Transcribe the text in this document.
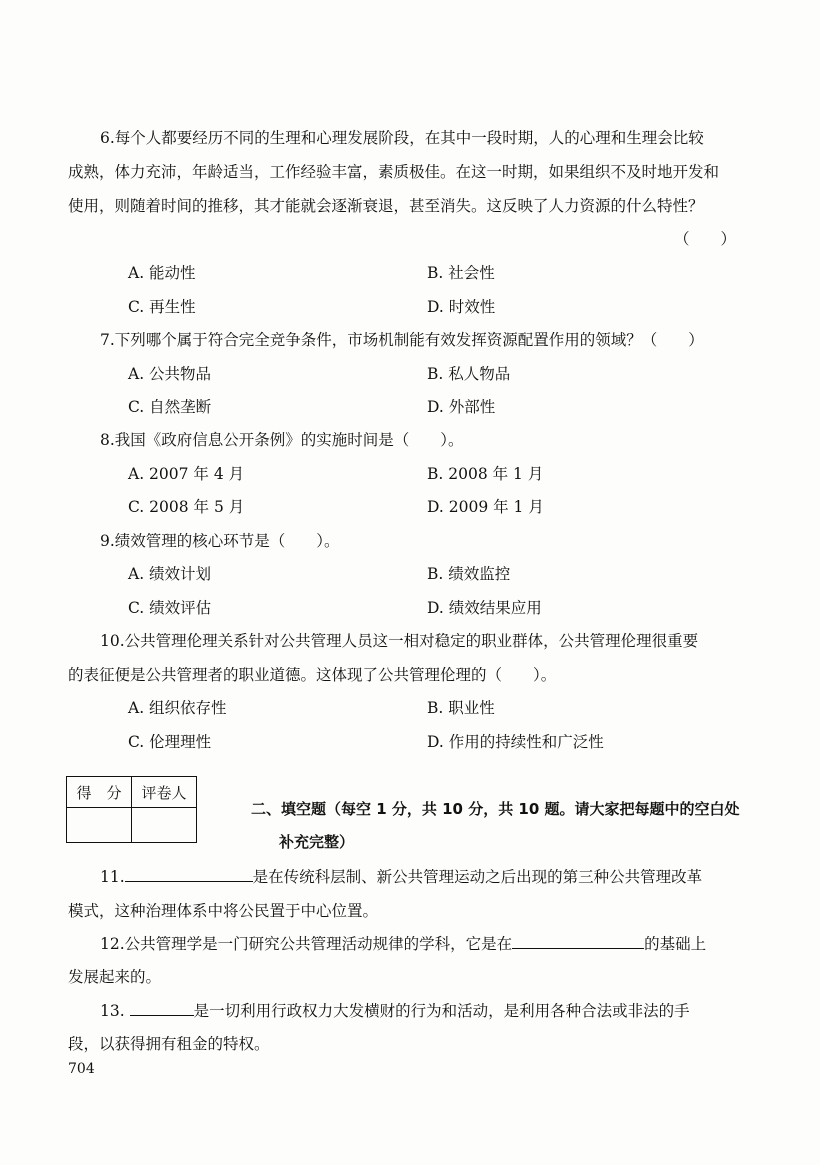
6.每个人都要经历不同的生理和心理发展阶段，在其中一段时期，人的心理和生理会比较
成熟，体力充沛，年龄适当，工作经验丰富，素质极佳。在这一时期，如果组织不及时地开发和
使用，则随着时间的推移，其才能就会逐渐衰退，甚至消失。这反映了人力资源的什么特性？
（　　）
A. 能动性	B. 社会性
C. 再生性	D. 时效性
7.下列哪个属于符合完全竞争条件，市场机制能有效发挥资源配置作用的领域？（　　）
A. 公共物品	B. 私人物品
C. 自然垄断	D. 外部性
8.我国《政府信息公开条例》的实施时间是（　　）。
A. 2007 年 4 月	B. 2008 年 1 月
C. 2008 年 5 月	D. 2009 年 1 月
9.绩效管理的核心环节是（　　）。
A. 绩效计划	B. 绩效监控
C. 绩效评估	D. 绩效结果应用
10.公共管理伦理关系针对公共管理人员这一相对稳定的职业群体，公共管理伦理很重要
的表征便是公共管理者的职业道德。这体现了公共管理伦理的（　　）。
A. 组织依存性	B. 职业性
C. 伦理理性	D. 作用的持续性和广泛性
得　分	评卷人

二、填空题（每空 1 分，共 10 分，共 10 题。请大家把每题中的空白处
补充完整）
11.	是在传统科层制、新公共管理运动之后出现的第三种公共管理改革
模式，这种治理体系中将公民置于中心位置。
12.公共管理学是一门研究公共管理活动规律的学科，它是在	的基础上
发展起来的。
13.	是一切利用行政权力大发横财的行为和活动，是利用各种合法或非法的手
段，以获得拥有租金的特权。
704
